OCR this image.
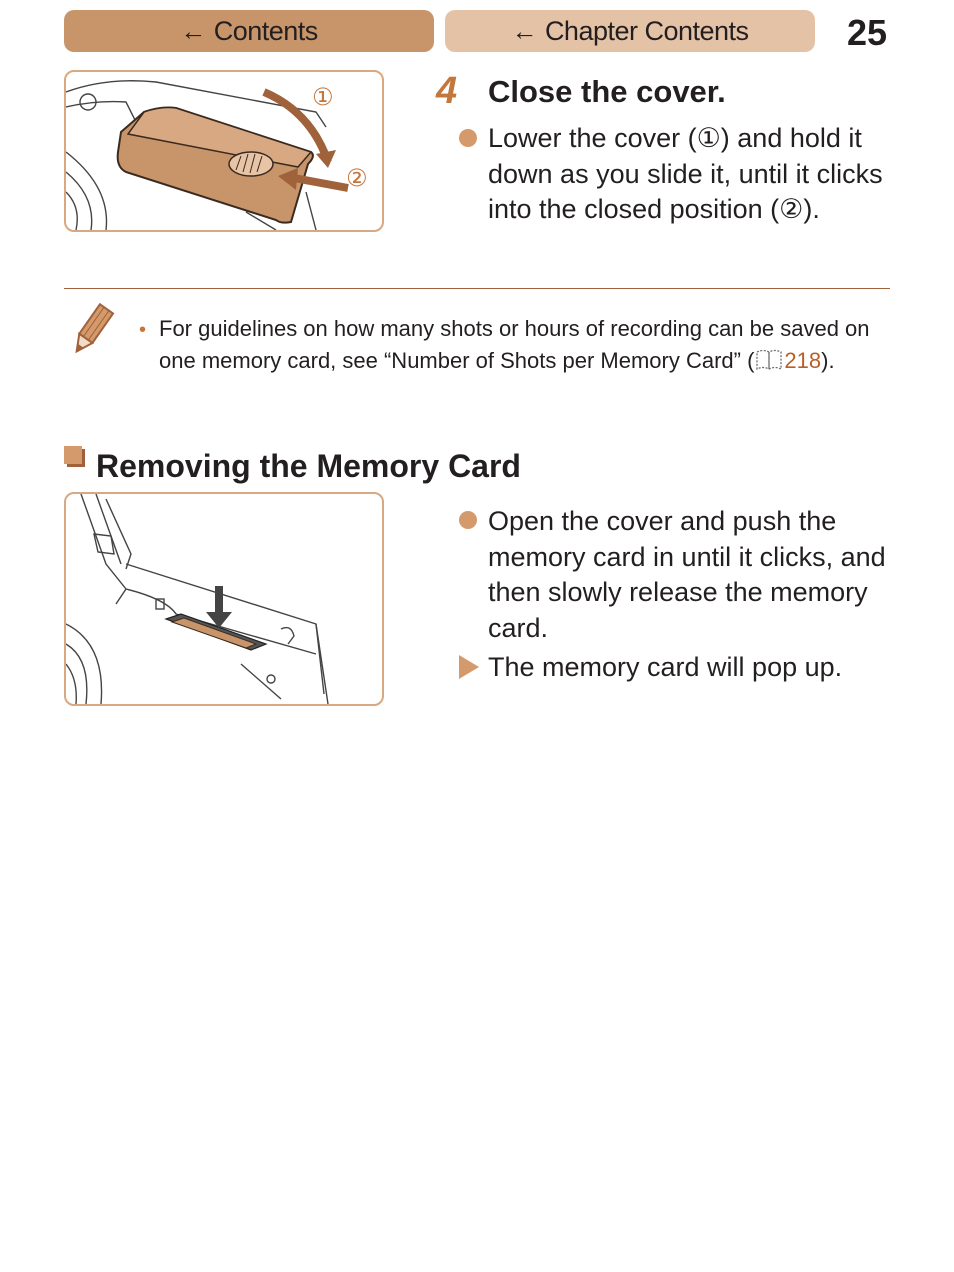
← Contents	← Chapter Contents	25
①
②
4 Close the cover.

Lower the cover (①) and hold it down as you slide it, until it clicks into the closed position (②).

• For guidelines on how many shots or hours of recording can be saved on one memory card, see “Number of Shots per Memory Card” ( 218).

Removing the Memory Card

Open the cover and push the memory card in until it clicks, and then slowly release the memory card.

The memory card will pop up.
